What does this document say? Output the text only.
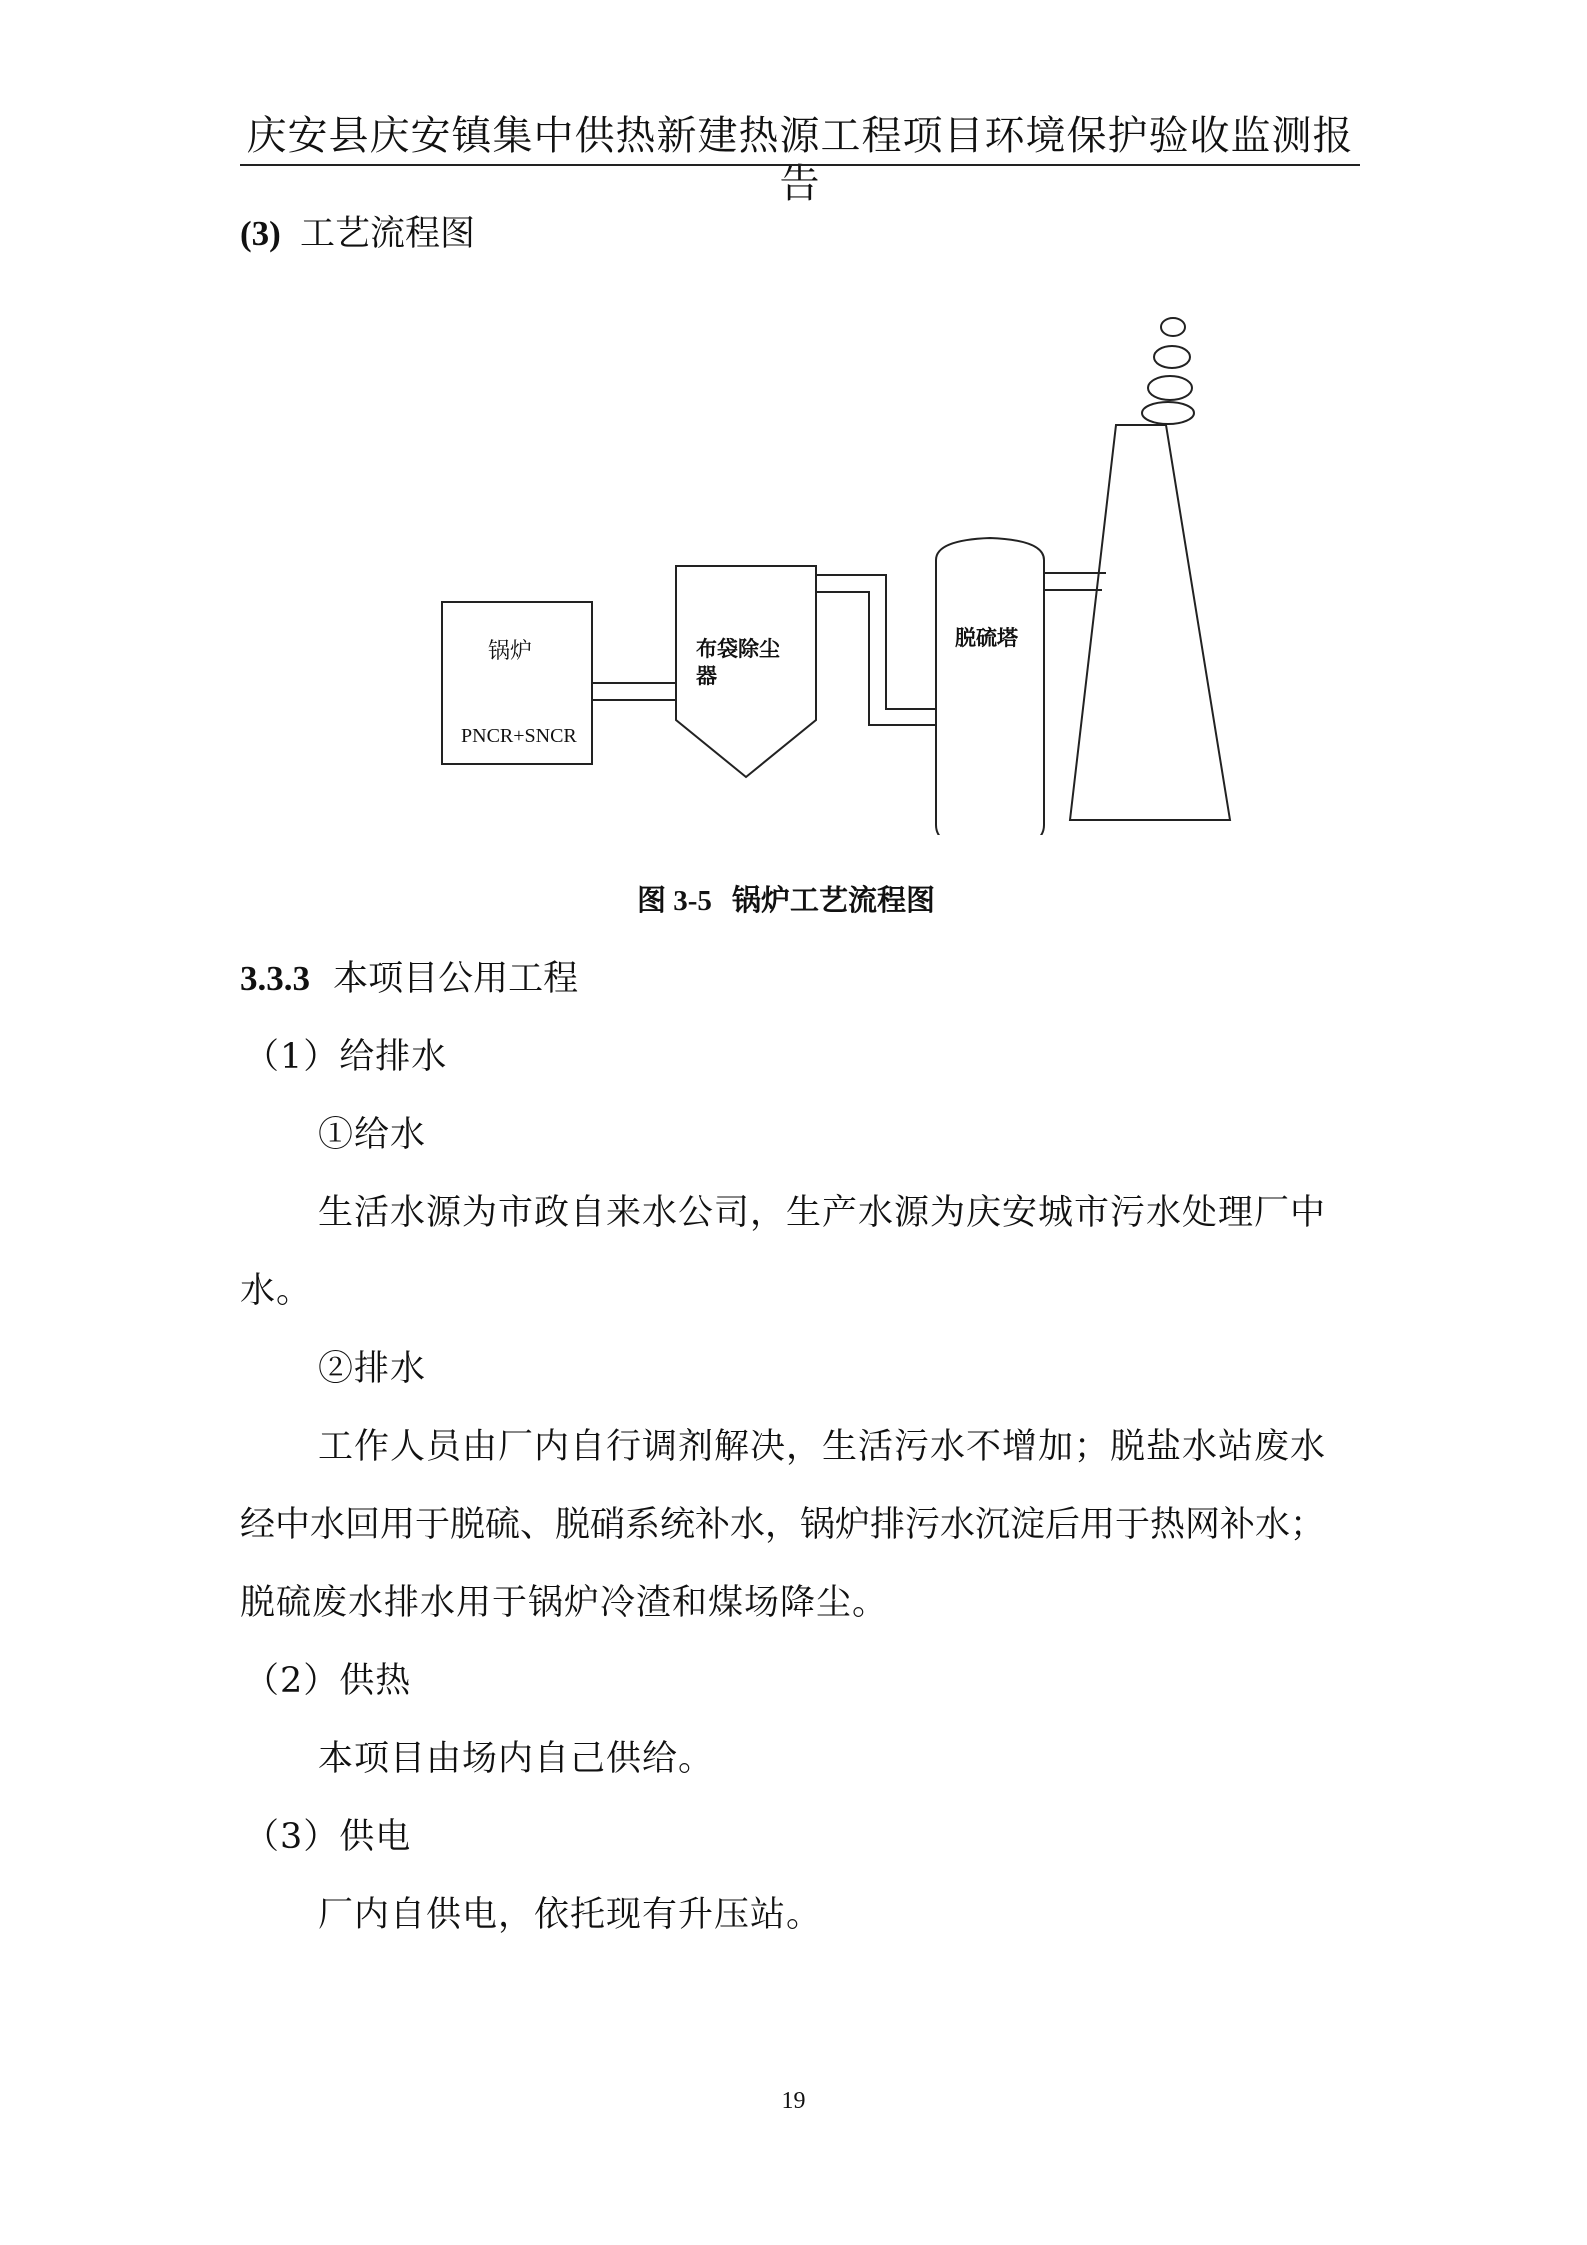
庆安县庆安镇集中供热新建热源工程项目环境保护验收监测报告
(3) 工艺流程图
锅炉
PNCR+SNCR
布袋除尘
器
脱硫塔
图 3-5 锅炉工艺流程图
3.3.3 本项目公用工程
（1）给排水
①给水
生活水源为市政自来水公司，生产水源为庆安城市污水处理厂中
水。
②排水
工作人员由厂内自行调剂解决，生活污水不增加；脱盐水站废水
经中水回用于脱硫、脱硝系统补水，锅炉排污水沉淀后用于热网补水；
脱硫废水排水用于锅炉冷渣和煤场降尘。
（2）供热
本项目由场内自己供给。
（3）供电
厂内自供电，依托现有升压站。
19
